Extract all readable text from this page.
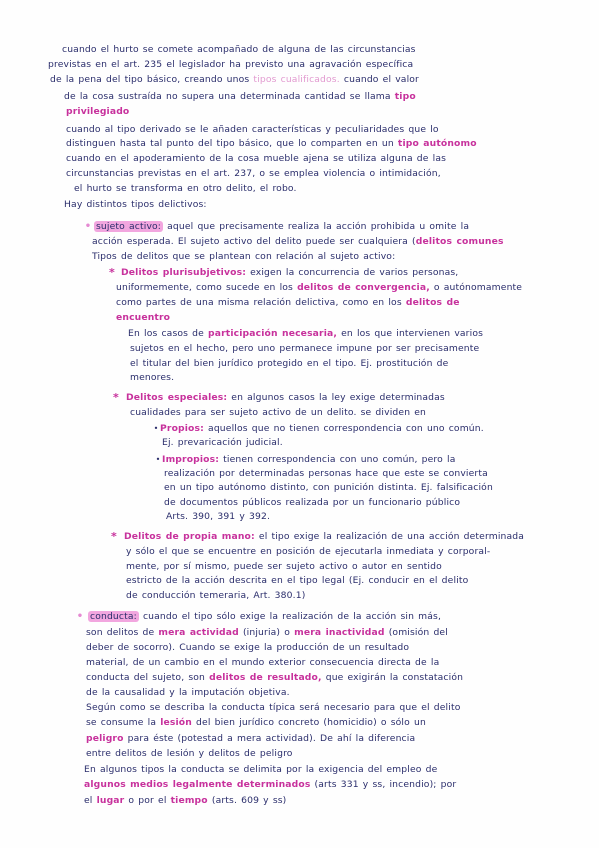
cuando el hurto se comete acompañado de alguna de las circunstancias
previstas en el art. 235 el legislador ha previsto una agravación específica
de la pena del tipo básico, creando unos tipos cualificados. cuando el valor
de la cosa sustraída no supera una determinada cantidad se llama tipo
privilegiado
cuando al tipo derivado se le añaden características y peculiaridades que lo
distinguen hasta tal punto del tipo básico, que lo comparten en un tipo autónomo
cuando en el apoderamiento de la cosa mueble ajena se utiliza alguna de las
circunstancias previstas en el art. 237, o se emplea violencia o intimidación,
el hurto se transforma en otro delito, el robo.
Hay distintos tipos delictivos:
• sujeto activo: aquel que precisamente realiza la acción prohibida u omite la
acción esperada. El sujeto activo del delito puede ser cualquiera (delitos comunes
Tipos de delitos que se plantean con relación al sujeto activo:
* Delitos plurisubjetivos: exigen la concurrencia de varios personas,
uniformemente, como sucede en los delitos de convergencia, o autónomamente
como partes de una misma relación delictiva, como en los delitos de
encuentro
En los casos de participación necesaria, en los que intervienen varios
sujetos en el hecho, pero uno permanece impune por ser precisamente
el titular del bien jurídico protegido en el tipo. Ej. prostitución de
menores.
* Delitos especiales: en algunos casos la ley exige determinadas
cualidades para ser sujeto activo de un delito. se dividen en
• Propios: aquellos que no tienen correspondencia con uno común.
Ej. prevaricación judicial.
• Impropios: tienen correspondencia con uno común, pero la
realización por determinadas personas hace que este se convierta
en un tipo autónomo distinto, con punición distinta. Ej. falsificación
de documentos públicos realizada por un funcionario público
Arts. 390, 391 y 392.
* Delitos de propia mano: el tipo exige la realización de una acción determinada
y sólo el que se encuentre en posición de ejecutarla inmediata y corporal-
mente, por sí mismo, puede ser sujeto activo o autor en sentido
estricto de la acción descrita en el tipo legal (Ej. conducir en el delito
de conducción temeraria, Art. 380.1)
• conducta: cuando el tipo sólo exige la realización de la acción sin más,
son delitos de mera actividad (injuria) o mera inactividad (omisión del
deber de socorro). Cuando se exige la producción de un resultado
material, de un cambio en el mundo exterior consecuencia directa de la
conducta del sujeto, son delitos de resultado, que exigirán la constatación
de la causalidad y la imputación objetiva.
Según como se describa la conducta típica será necesario para que el delito
se consume la lesión del bien jurídico concreto (homicidio) o sólo un
peligro para éste (potestad a mera actividad). De ahí la diferencia
entre delitos de lesión y delitos de peligro
En algunos tipos la conducta se delimita por la exigencia del empleo de
algunos medios legalmente determinados (arts 331 y ss, incendio); por
el lugar o por el tiempo (arts. 609 y ss)
